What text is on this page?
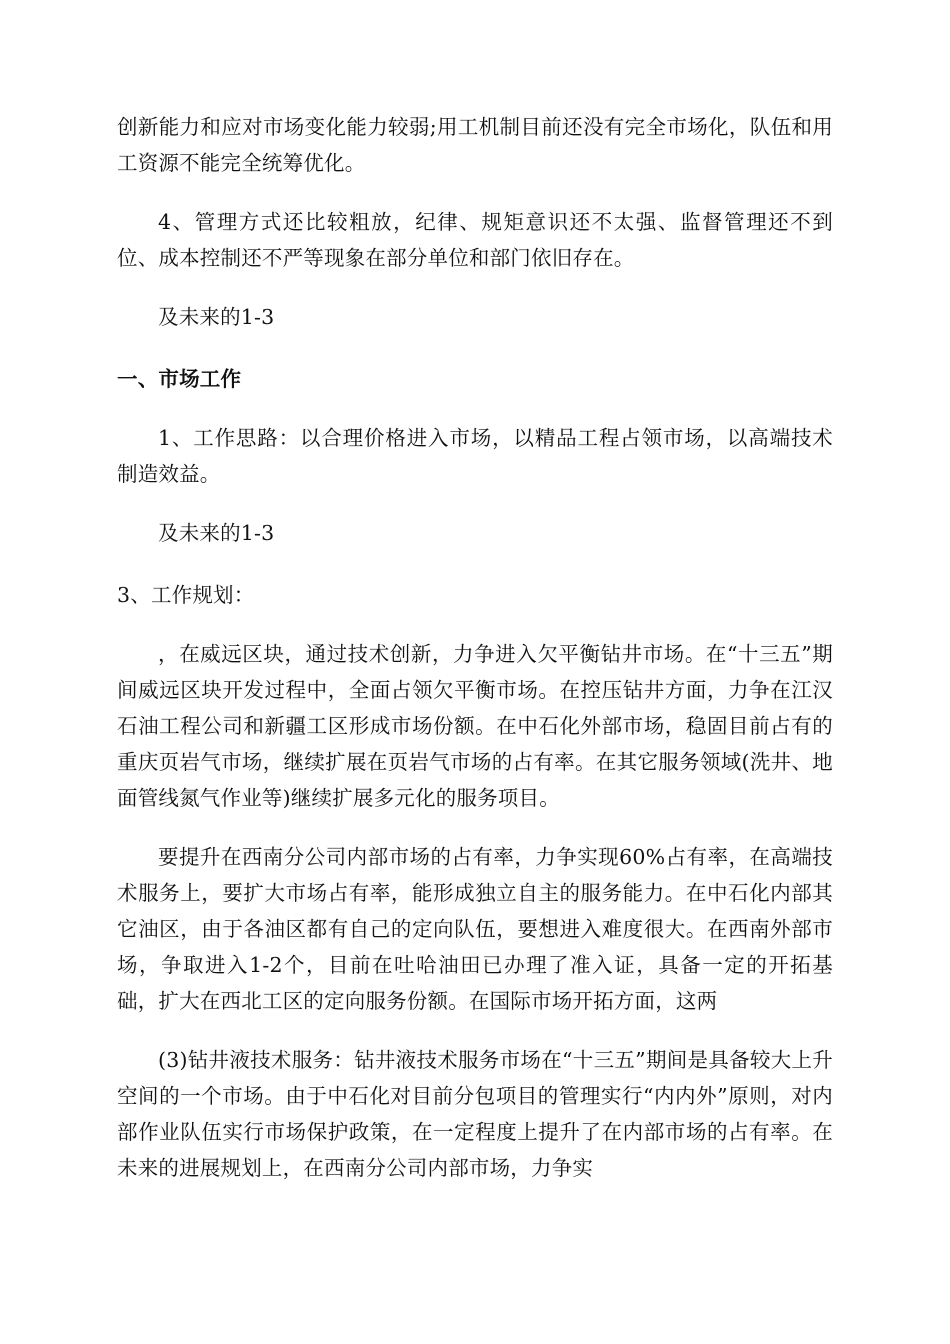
创新能力和应对市场变化能力较弱;用工机制目前还没有完全市场化，队伍和用工资源不能完全统筹优化。

4、管理方式还比较粗放，纪律、规矩意识还不太强、监督管理还不到位、成本控制还不严等现象在部分单位和部门依旧存在。

及未来的1-3

一、市场工作

1、工作思路：以合理价格进入市场，以精品工程占领市场，以高端技术制造效益。

及未来的1-3

3、工作规划：

，在威远区块，通过技术创新，力争进入欠平衡钻井市场。在“十三五”期间威远区块开发过程中，全面占领欠平衡市场。在控压钻井方面，力争在江汉石油工程公司和新疆工区形成市场份额。在中石化外部市场，稳固目前占有的重庆页岩气市场，继续扩展在页岩气市场的占有率。在其它服务领域(洗井、地面管线氮气作业等)继续扩展多元化的服务项目。

要提升在西南分公司内部市场的占有率，力争实现60%占有率，在高端技术服务上，要扩大市场占有率，能形成独立自主的服务能力。在中石化内部其它油区，由于各油区都有自己的定向队伍，要想进入难度很大。在西南外部市场，争取进入1-2个，目前在吐哈油田已办理了准入证，具备一定的开拓基础，扩大在西北工区的定向服务份额。在国际市场开拓方面，这两

(3)钻井液技术服务：钻井液技术服务市场在“十三五”期间是具备较大上升空间的一个市场。由于中石化对目前分包项目的管理实行“内内外”原则，对内部作业队伍实行市场保护政策，在一定程度上提升了在内部市场的占有率。在未来的进展规划上，在西南分公司内部市场，力争实
